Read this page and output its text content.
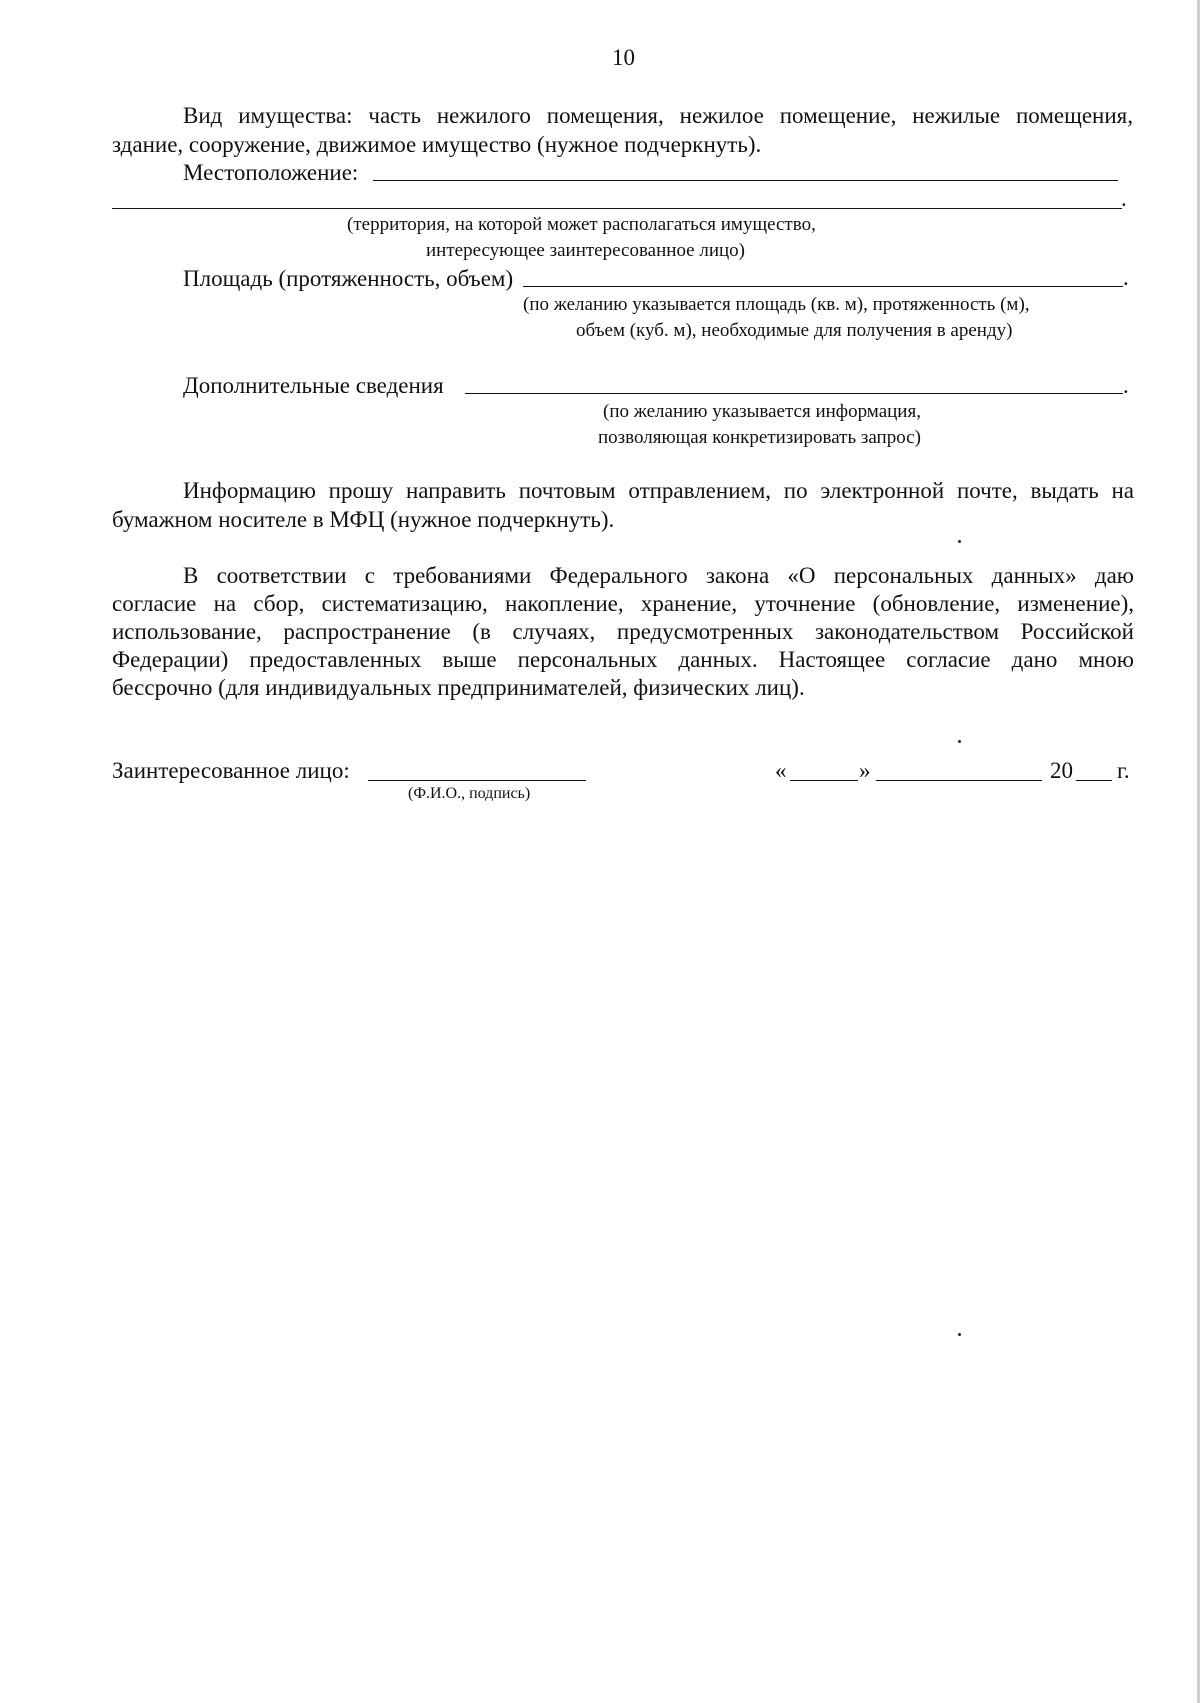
10
Вид имущества: часть нежилого помещения, нежилое помещение, нежилые помещения,
здание, сооружение, движимое имущество (нужное подчеркнуть).
Местоположение:
.
(территория, на которой может располагаться имущество,
интересующее заинтересованное лицо)
Площадь (протяженность, объем)	.
(по желанию указывается площадь (кв. м), протяженность (м),
объем (куб. м), необходимые для получения в аренду)
Дополнительные сведения	.
(по желанию указывается информация,
позволяющая конкретизировать запрос)
Информацию прошу направить почтовым отправлением, по электронной почте, выдать на
бумажном носителе в МФЦ (нужное подчеркнуть).
В соответствии с требованиями Федерального закона «О персональных данных» даю
согласие на сбор, систематизацию, накопление, хранение, уточнение (обновление, изменение),
использование, распространение (в случаях, предусмотренных законодательством Российской
Федерации) предоставленных выше персональных данных. Настоящее согласие дано мною
бессрочно (для индивидуальных предпринимателей, физических лиц).
Заинтересованное лицо:
(Ф.И.О., подпись)
«	»	20 г.
